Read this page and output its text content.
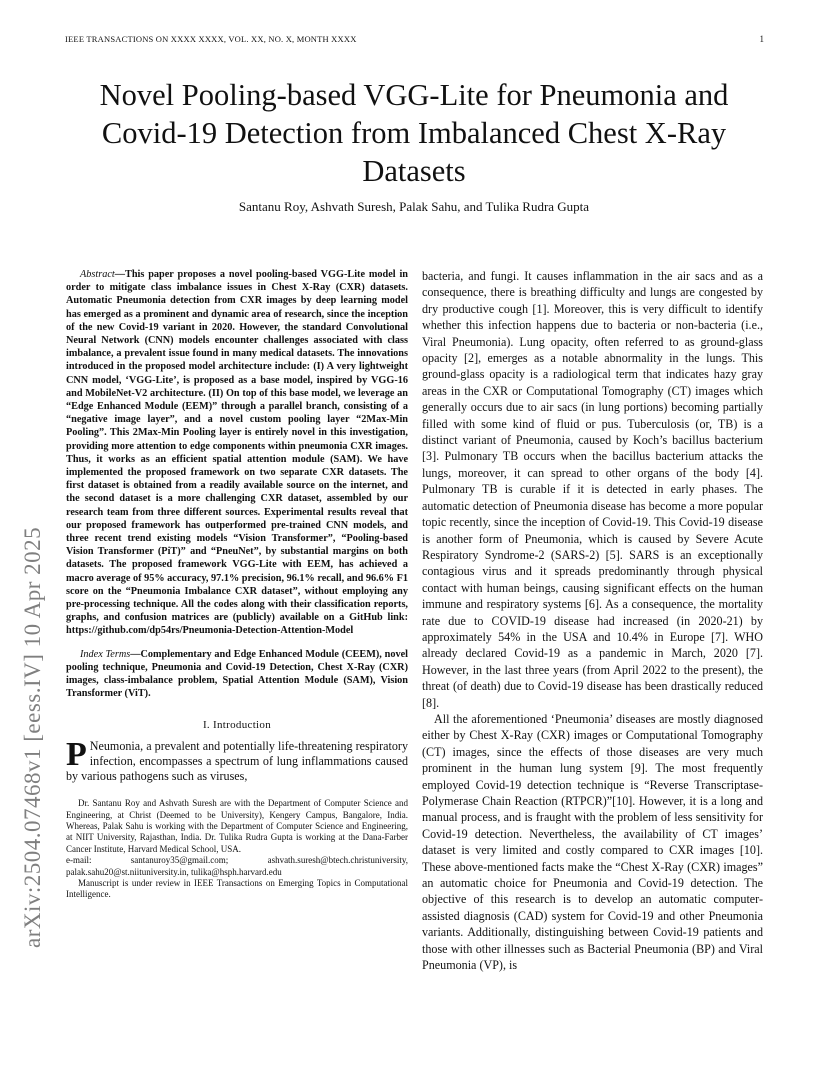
IEEE TRANSACTIONS ON XXXX XXXX, VOL. XX, NO. X, MONTH XXXX	1
Novel Pooling-based VGG-Lite for Pneumonia and Covid-19 Detection from Imbalanced Chest X-Ray Datasets
Santanu Roy, Ashvath Suresh, Palak Sahu, and Tulika Rudra Gupta
arXiv:2504.07468v1 [eess.IV] 10 Apr 2025

Abstract—This paper proposes a novel pooling-based VGG-Lite model in order to mitigate class imbalance issues in Chest X-Ray (CXR) datasets. Automatic Pneumonia detection from CXR images by deep learning model has emerged as a prominent and dynamic area of research, since the inception of the new Covid-19 variant in 2020. However, the standard Convolutional Neural Network (CNN) models encounter challenges associated with class imbalance, a prevalent issue found in many medical datasets. The innovations introduced in the proposed model architecture include: (I) A very lightweight CNN model, ‘VGG-Lite’, is proposed as a base model, inspired by VGG-16 and MobileNet-V2 architecture. (II) On top of this base model, we leverage an “Edge Enhanced Module (EEM)” through a parallel branch, consisting of a “negative image layer”, and a novel custom pooling layer “2Max-Min Pooling”. This 2Max-Min Pooling layer is entirely novel in this investigation, providing more attention to edge components within pneumonia CXR images. Thus, it works as an efficient spatial attention module (SAM). We have implemented the proposed framework on two separate CXR datasets. The first dataset is obtained from a readily available source on the internet, and the second dataset is a more challenging CXR dataset, assembled by our research team from three different sources. Experimental results reveal that our proposed framework has outperformed pre-trained CNN models, and three recent trend existing models “Vision Transformer”, “Pooling-based Vision Transformer (PiT)” and “PneuNet”, by substantial margins on both datasets. The proposed framework VGG-Lite with EEM, has achieved a macro average of 95% accuracy, 97.1% precision, 96.1% recall, and 96.6% F1 score on the “Pneumonia Imbalance CXR dataset”, without employing any pre-processing technique. All the codes along with their classification reports, graphs, and confusion matrices are (publicly) available on a GitHub link: https://github.com/dp54rs/Pneumonia-Detection-Attention-Model

Index Terms—Complementary and Edge Enhanced Module (CEEM), novel pooling technique, Pneumonia and Covid-19 Detection, Chest X-Ray (CXR) images, class-imbalance problem, Spatial Attention Module (SAM), Vision Transformer (ViT).

I. Introduction

P Neumonia, a prevalent and potentially life-threatening respiratory infection, encompasses a spectrum of lung inflammations caused by various pathogens such as viruses,

Dr. Santanu Roy and Ashvath Suresh are with the Department of Computer Science and Engineering, at Christ (Deemed to be University), Kengery Campus, Bangalore, India. Whereas, Palak Sahu is working with the Department of Computer Science and Engineering, at NIIT University, Rajasthan, India. Dr. Tulika Rudra Gupta is working at the Dana-Farber Cancer Institute, Harvard Medical School, USA.

e-mail: santanuroy35@gmail.com; ashvath.suresh@btech.christuniversity, palak.sahu20@st.niituniversity.in, tulika@hsph.harvard.edu

Manuscript is under review in IEEE Transactions on Emerging Topics in Computational Intelligence.

bacteria, and fungi. It causes inflammation in the air sacs and as a consequence, there is breathing difficulty and lungs are congested by dry productive cough [1]. Moreover, this is very difficult to identify whether this infection happens due to bacteria or non-bacteria (i.e., Viral Pneumonia). Lung opacity, often referred to as ground-glass opacity [2], emerges as a notable abnormality in the lungs. This ground-glass opacity is a radiological term that indicates hazy gray areas in the CXR or Computational Tomography (CT) images which generally occurs due to air sacs (in lung portions) becoming partially filled with some kind of fluid or pus. Tuberculosis (or, TB) is a distinct variant of Pneumonia, caused by Koch’s bacillus bacterium [3]. Pulmonary TB occurs when the bacillus bacterium attacks the lungs, moreover, it can spread to other organs of the body [4]. Pulmonary TB is curable if it is detected in early phases. The automatic detection of Pneumonia disease has become a more popular topic recently, since the inception of Covid-19. This Covid-19 disease is another form of Pneumonia, which is caused by Severe Acute Respiratory Syndrome-2 (SARS-2) [5]. SARS is an exceptionally contagious virus and it spreads predominantly through physical contact with human beings, causing significant effects on the human immune and respiratory systems [6]. As a consequence, the mortality rate due to COVID-19 disease had increased (in 2020-21) by approximately 54% in the USA and 10.4% in Europe [7]. WHO already declared Covid-19 as a pandemic in March, 2020 [7]. However, in the last three years (from April 2022 to the present), the threat (of death) due to Covid-19 disease has been drastically reduced [8].

All the aforementioned ‘Pneumonia’ diseases are mostly diagnosed either by Chest X-Ray (CXR) images or Computational Tomography (CT) images, since the effects of those diseases are very much prominent in the human lung system [9]. The most frequently employed Covid-19 detection technique is “Reverse Transcriptase-Polymerase Chain Reaction (RTPCR)”[10]. However, it is a long and manual process, and is fraught with the problem of less sensitivity for Covid-19 detection. Nevertheless, the availability of CT images’ dataset is very limited and costly compared to CXR images [10]. These above-mentioned facts make the “Chest X-Ray (CXR) images” an automatic choice for Pneumonia and Covid-19 detection. The objective of this research is to develop an automatic computer-assisted diagnosis (CAD) system for Covid-19 and other Pneumonia variants. Additionally, distinguishing between Covid-19 patients and those with other illnesses such as Bacterial Pneumonia (BP) and Viral Pneumonia (VP), is
